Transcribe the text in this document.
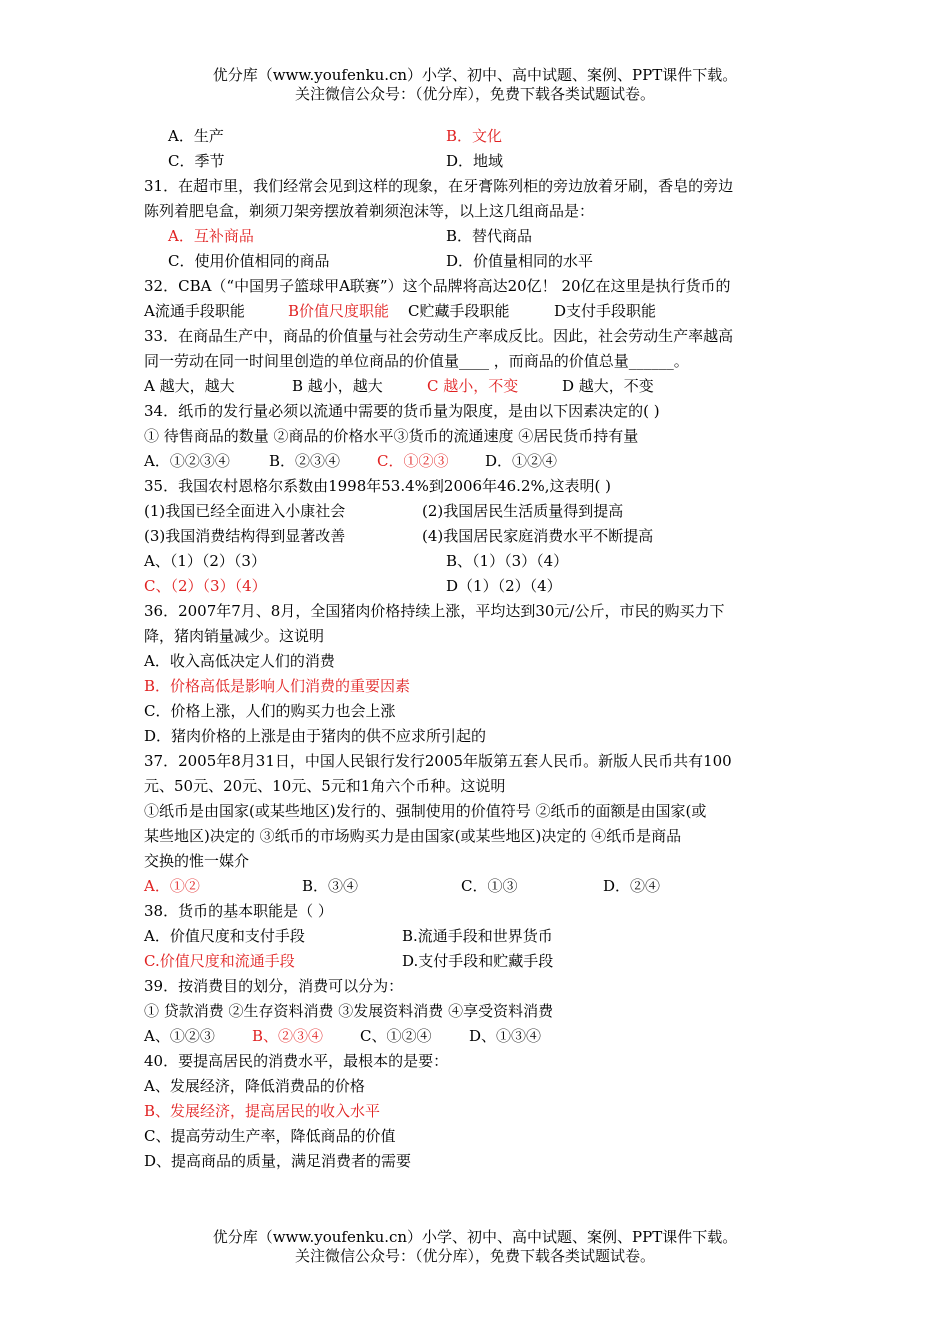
优分库（www.youfenku.cn）小学、初中、高中试题、案例、PPT课件下载。
关注微信公众号：（优分库），免费下载各类试题试卷。
A．生产	B．文化
C．季节	D．地域
31．在超市里，我们经常会见到这样的现象，在牙膏陈列柜的旁边放着牙刷，香皂的旁边
陈列着肥皂盒，剃须刀架旁摆放着剃须泡沫等，以上这几组商品是：
A．互补商品	B．替代商品
C．使用价值相同的商品	D．价值量相同的水平
32．CBA（“中国男子篮球甲A联赛”）这个品牌将高达20亿！ 20亿在这里是执行货币的
A流通手段职能	B价值尺度职能 C贮藏手段职能	D支付手段职能
33．在商品生产中，商品的价值量与社会劳动生产率成反比。因此，社会劳动生产率越高
同一劳动在同一时间里创造的单位商品的价值量____ ，而商品的价值总量______。
A 越大，越大	B 越小，越大	C 越小，不变	D 越大，不变
34．纸币的发行量必须以流通中需要的货币量为限度，是由以下因素决定的( )
① 待售商品的数量 ②商品的价格水平③货币的流通速度 ④居民货币持有量
A．①②③④	B．②③④ C．①②③ D．①②④
35．我国农村恩格尔系数由1998年53.4%到2006年46.2%,这表明( )
(1)我国已经全面进入小康社会	(2)我国居民生活质量得到提高
(3)我国消费结构得到显著改善	(4)我国居民家庭消费水平不断提高
A、（1）（2）（3）	B、（1）（3）（4）
C、（2）（3）（4）	D（1）（2）（4）
36．2007年7月、8月，全国猪肉价格持续上涨，平均达到30元/公斤，市民的购买力下
降，猪肉销量减少。这说明
A．收入高低决定人们的消费
B．价格高低是影响人们消费的重要因素
C．价格上涨，人们的购买力也会上涨
D．猪肉价格的上涨是由于猪肉的供不应求所引起的
37．2005年8月31日，中国人民银行发行2005年版第五套人民币。新版人民币共有100
元、50元、20元、10元、5元和1角六个币种。这说明
①纸币是由国家(或某些地区)发行的、强制使用的价值符号 ②纸币的面额是由国家(或
某些地区)决定的 ③纸币的市场购买力是由国家(或某些地区)决定的 ④纸币是商品
交换的惟一媒介
A．①②	B．③④	C．①③	D．②④
38．货币的基本职能是（ ）
A．价值尺度和支付手段	B.流通手段和世界货币
C.价值尺度和流通手段	D.支付手段和贮藏手段
39．按消费目的划分，消费可以分为：
① 贷款消费 ②生存资料消费 ③发展资料消费 ④享受资料消费
A、①②③ B、②③④ C、①②④	D、①③④
40．要提高居民的消费水平，最根本的是要：
A、发展经济，降低消费品的价格
B、发展经济，提高居民的收入水平
C、提高劳动生产率，降低商品的价值
D、提高商品的质量，满足消费者的需要
优分库（www.youfenku.cn）小学、初中、高中试题、案例、PPT课件下载。
关注微信公众号：（优分库），免费下载各类试题试卷。
